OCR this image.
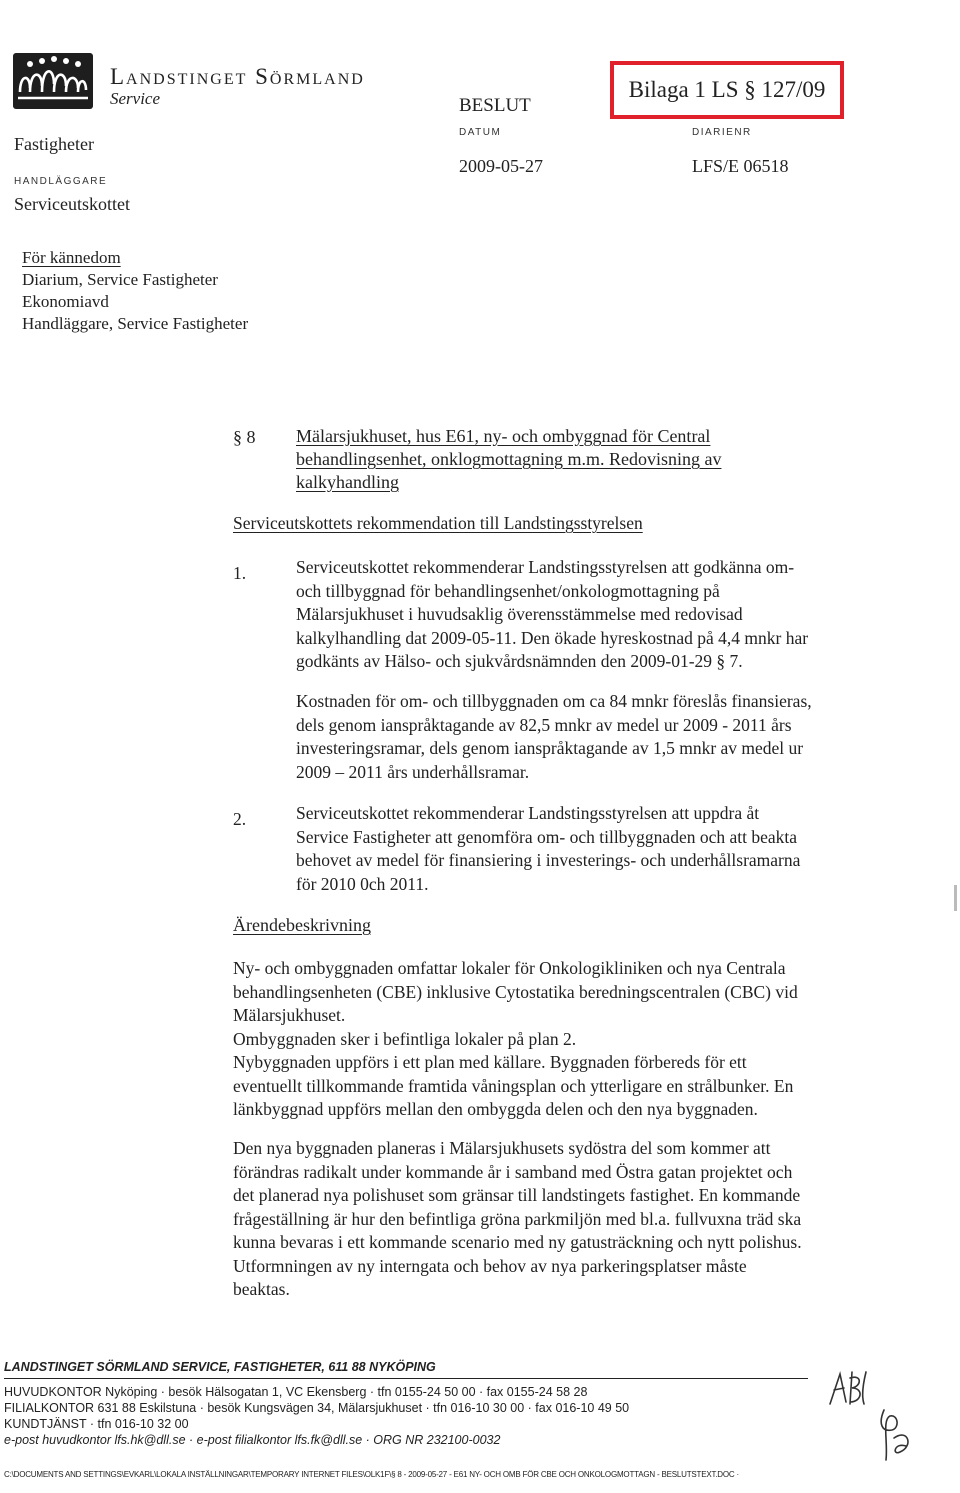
Landstinget Sörmland
Service
Fastigheter
HANDLÄGGARE
Serviceutskottet
BESLUT
DATUM
2009-05-27
Bilaga 1 LS § 127/09
DIARIENR
LFS/E 06518
För kännedom
Diarium, Service Fastigheter
Ekonomiavd
Handläggare, Service Fastigheter
§ 8 Mälarsjukhuset, hus E61, ny- och ombyggnad för Central
behandlingsenhet, onklogmottagning m.m. Redovisning av
kalkyhandling
Serviceutskottets rekommendation till Landstingsstyrelsen
1.	Serviceutskottet rekommenderar Landstingsstyrelsen att godkänna om-
och tillbyggnad för behandlingsenhet/onkologmottagning på
Mälarsjukhuset i huvudsaklig överensstämmelse med redovisad
kalkylhandling dat 2009-05-11. Den ökade hyreskostnad på 4,4 mnkr har
godkänts av Hälso- och sjukvårdsnämnden den 2009-01-29 § 7.
Kostnaden för om- och tillbyggnaden om ca 84 mnkr föreslås finansieras,
dels genom ianspråktagande av 82,5 mnkr av medel ur 2009 - 2011 års
investeringsramar, dels genom ianspråktagande av 1,5 mnkr av medel ur
2009 – 2011 års underhållsramar.
2.	Serviceutskottet rekommenderar Landstingsstyrelsen att uppdra åt
Service Fastigheter att genomföra om- och tillbyggnaden och att beakta
behovet av medel för finansiering i investerings- och underhållsramarna
för 2010 0ch 2011.
Ärendebeskrivning

Ny- och ombyggnaden omfattar lokaler för Onkologikliniken och nya Centrala

behandlingsenheten (CBE) inklusive Cytostatika beredningscentralen (CBC) vid

Mälarsjukhuset.

Ombyggnaden sker i befintliga lokaler på plan 2.

Nybyggnaden uppförs i ett plan med källare. Byggnaden förbereds för ett

eventuellt tillkommande framtida våningsplan och ytterligare en strålbunker. En

länkbyggnad uppförs mellan den ombyggda delen och den nya byggnaden.

Den nya byggnaden planeras i Mälarsjukhusets sydöstra del som kommer att

förändras radikalt under kommande år i samband med Östra gatan projektet och

det planerad nya polishuset som gränsar till landstingets fastighet. En kommande

frågeställning är hur den befintliga gröna parkmiljön med bl.a. fullvuxna träd ska

kunna bevaras i ett kommande scenario med ny gatusträckning och nytt polishus.

Utformningen av ny interngata och behov av nya parkeringsplatser måste

beaktas.

LANDSTINGET SÖRMLAND SERVICE, FASTIGHETER, 611 88 NYKÖPING
HUVUDKONTOR Nyköping · besök Hälsogatan 1, VC Ekensberg · tfn 0155-24 50 00 · fax 0155-24 58 28
FILIALKONTOR 631 88 Eskilstuna · besök Kungsvägen 34, Mälarsjukhuset · tfn 016-10 30 00 · fax 016-10 49 50
KUNDTJÄNST · tfn 016-10 32 00
e-post huvudkontor lfs.hk@dll.se · e-post filialkontor lfs.fk@dll.se · ORG NR 232100-0032
C:\DOCUMENTS AND SETTINGS\EVKARL\LOKALA INSTÄLLNINGAR\TEMPORARY INTERNET FILES\OLK1F\§ 8 - 2009-05-27 - E61 NY- OCH OMB FÖR CBE OCH ONKOLOGMOTTAGN - BESLUTSTEXT.DOC ·
